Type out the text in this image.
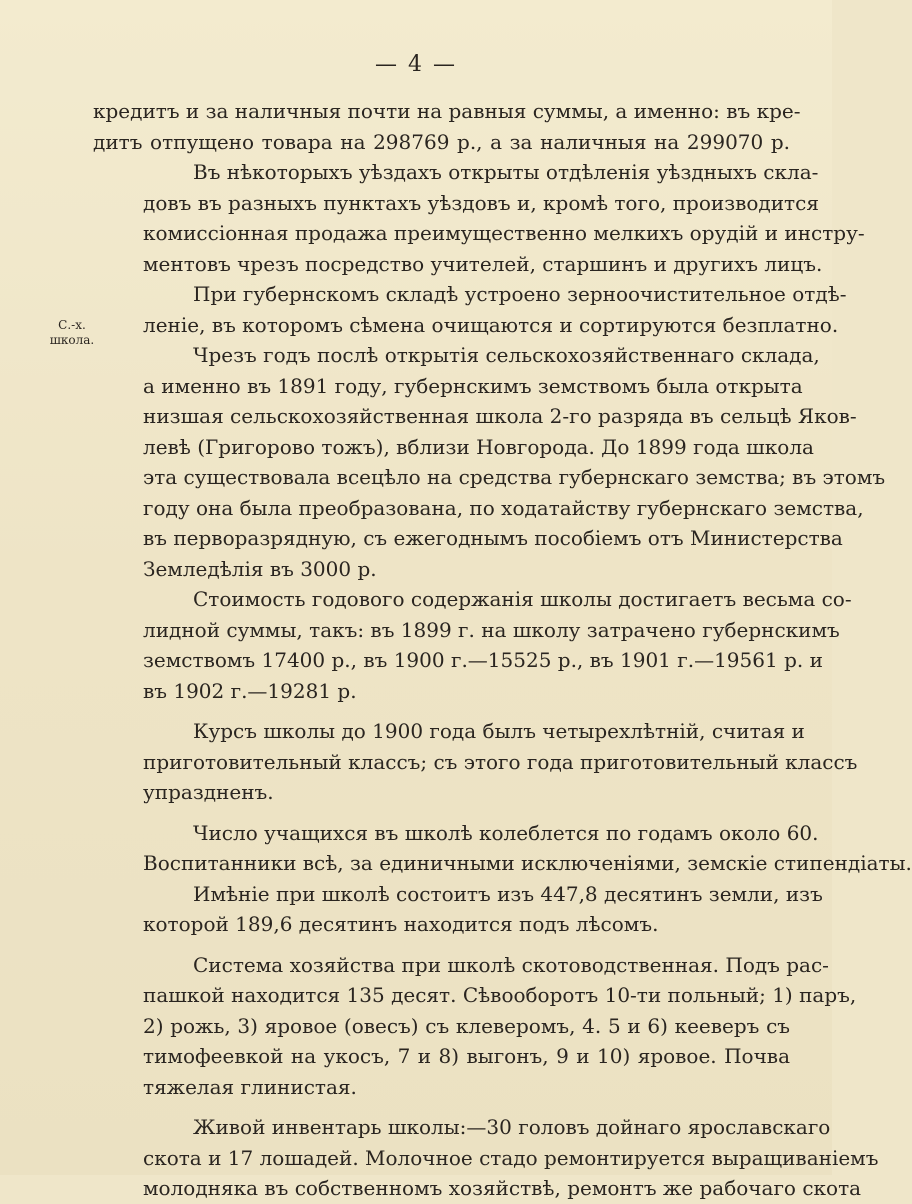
— 4 —
С.-х. школа.

кредитъ и за наличныя почти на равныя суммы, а именно: въ кре-
дитъ отпущено товара на 298769 р., а за наличныя на 299070 р.

Въ нѣкоторыхъ уѣздахъ открыты отдѣленія уѣздныхъ скла-
довъ въ разныхъ пунктахъ уѣздовъ и, кромѣ того, производится
комиссіонная продажа преимущественно мелкихъ орудій и инстру-
ментовъ чрезъ посредство учителей, старшинъ и другихъ лицъ.

При губернскомъ складѣ устроено зерноочистительное отдѣ-
леніе, въ которомъ сѣмена очищаются и сортируются безплатно.

Чрезъ годъ послѣ открытія сельскохозяйственнаго склада,
а именно въ 1891 году, губернскимъ земствомъ была открыта
низшая сельскохозяйственная школа 2-го разряда въ сельцѣ Яков-
левѣ (Григорово тожъ), вблизи Новгорода. До 1899 года школа
эта существовала всецѣло на средства губернскаго земства; въ этомъ
году она была преобразована, по ходатайству губернскаго земства,
въ перворазрядную, съ ежегоднымъ пособіемъ отъ Министерства
Земледѣлія въ 3000 р.

Стоимость годового содержанія школы достигаетъ весьма со-
лидной суммы, такъ: въ 1899 г. на школу затрачено губернскимъ
земствомъ 17400 р., въ 1900 г.—15525 р., въ 1901 г.—19561 р. и
въ 1902 г.—19281 р.

Курсъ школы до 1900 года былъ четырехлѣтній, считая и
приготовительный классъ; съ этого года приготовительный классъ
упраздненъ.

Число учащихся въ школѣ колеблется по годамъ около 60.
Воспитанники всѣ, за единичными исключеніями, земскіе стипендіаты.

Имѣніе при школѣ состоитъ изъ 447,8 десятинъ земли, изъ
которой 189,6 десятинъ находится подъ лѣсомъ.

Система хозяйства при школѣ скотоводственная. Подъ рас-
пашкой находится 135 десят. Сѣвооборотъ 10-ти польный; 1) паръ,
2) рожь, 3) яровое (овесъ) съ клеверомъ, 4. 5 и 6) кееверъ съ
тимофеевкой на укосъ, 7 и 8) выгонъ, 9 и 10) яровое. Почва
тяжелая глинистая.

Живой инвентарь школы:—30 головъ дойнаго ярославскаго
скота и 17 лошадей. Молочное стадо ремонтируется выращиваніемъ
молодняка въ собственномъ хозяйствѣ, ремонтъ же рабочаго скота
